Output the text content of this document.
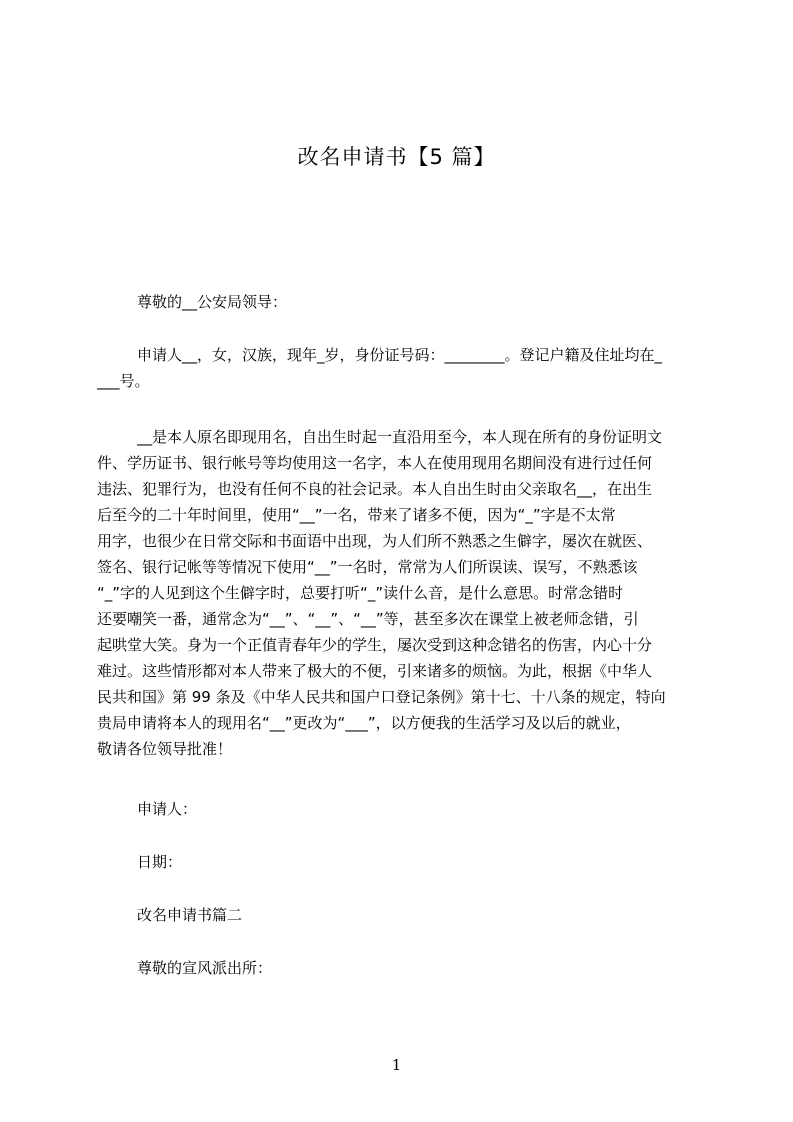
改名申请书【5 篇】
尊敬的__公安局领导：
申请人__，女，汉族，现年_岁，身份证号码：________。登记户籍及住址均在_
___号。
__是本人原名即现用名，自出生时起一直沿用至今，本人现在所有的身份证明文
件、学历证书、银行帐号等均使用这一名字，本人在使用现用名期间没有进行过任何
违法、犯罪行为，也没有任何不良的社会记录。本人自出生时由父亲取名__，在出生
后至今的二十年时间里，使用“__”一名，带来了诸多不便，因为“_”字是不太常
用字，也很少在日常交际和书面语中出现，为人们所不熟悉之生僻字，屡次在就医、
签名、银行记帐等等情况下使用“__”一名时，常常为人们所误读、误写，不熟悉该
“_”字的人见到这个生僻字时，总要打听“_”读什么音，是什么意思。时常念错时
还要嘲笑一番，通常念为“__”、“__”、“__”等，甚至多次在课堂上被老师念错，引
起哄堂大笑。身为一个正值青春年少的学生，屡次受到这种念错名的伤害，内心十分
难过。这些情形都对本人带来了极大的不便，引来诸多的烦恼。为此，根据《中华人
民共和国》第 99 条及《中华人民共和国户口登记条例》第十七、十八条的规定，特向
贵局申请将本人的现用名“__”更改为“___”，以方便我的生活学习及以后的就业，
敬请各位领导批准！
申请人：
日期：
改名申请书篇二
尊敬的宣风派出所：
1
